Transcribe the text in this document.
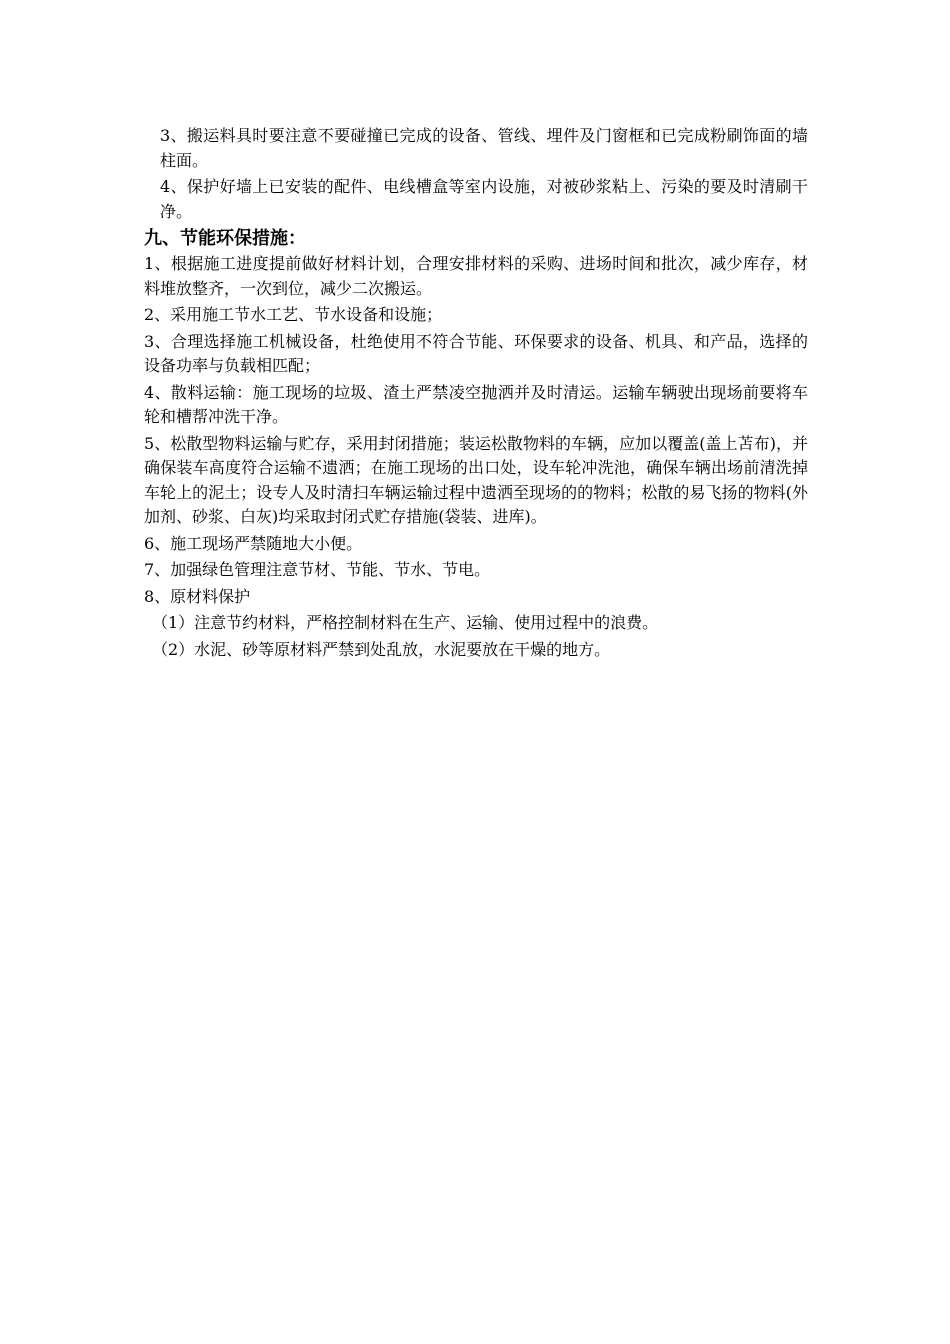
3、搬运料具时要注意不要碰撞已完成的设备、管线、埋件及门窗框和已完成粉刷饰面的墙柱面。

4、保护好墙上已安装的配件、电线槽盒等室内设施，对被砂浆粘上、污染的要及时清刷干净。

九、节能环保措施：

1、根据施工进度提前做好材料计划，合理安排材料的采购、进场时间和批次，减少库存，材料堆放整齐，一次到位，减少二次搬运。

2、采用施工节水工艺、节水设备和设施；

3、合理选择施工机械设备，杜绝使用不符合节能、环保要求的设备、机具、和产品，选择的设备功率与负载相匹配；

4、散料运输：施工现场的垃圾、渣土严禁凌空抛洒并及时清运。运输车辆驶出现场前要将车轮和槽帮冲洗干净。

5、松散型物料运输与贮存，采用封闭措施；装运松散物料的车辆，应加以覆盖(盖上苫布)，并确保装车高度符合运输不遗洒；在施工现场的出口处，设车轮冲洗池，确保车辆出场前清洗掉车轮上的泥土；设专人及时清扫车辆运输过程中遗洒至现场的的物料；松散的易飞扬的物料(外加剂、砂浆、白灰)均采取封闭式贮存措施(袋装、进库)。

6、施工现场严禁随地大小便。

7、加强绿色管理注意节材、节能、节水、节电。

8、原材料保护

（1）注意节约材料，严格控制材料在生产、运输、使用过程中的浪费。

（2）水泥、砂等原材料严禁到处乱放，水泥要放在干燥的地方。
